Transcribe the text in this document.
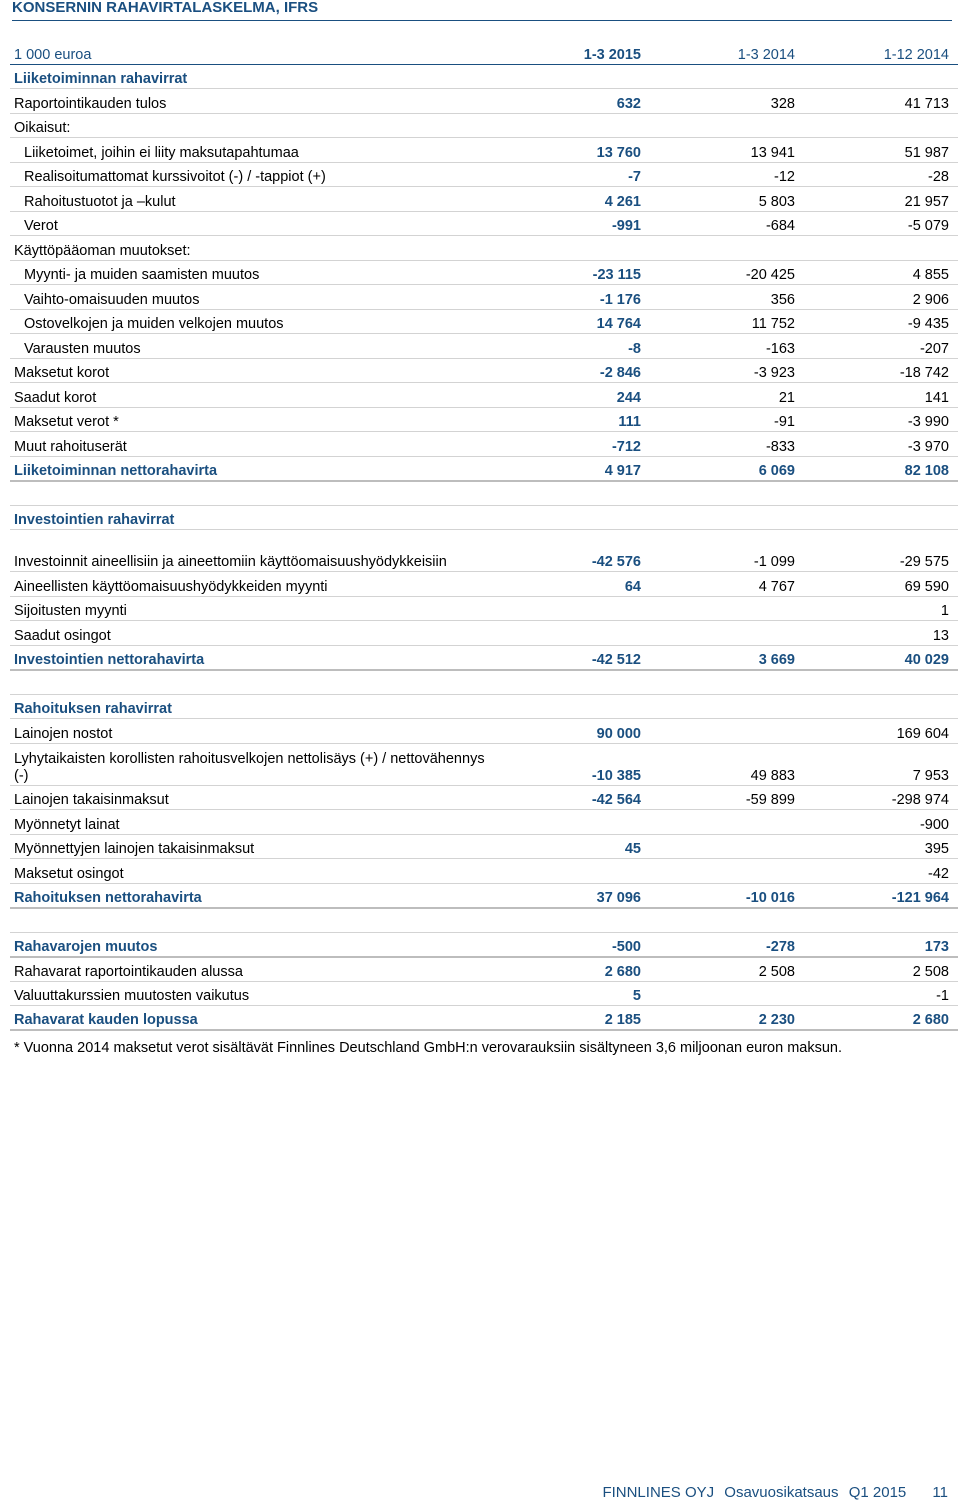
KONSERNIN RAHAVIRTALASKELMA, IFRS
1 000 euroa	1-3 2015	1-3 2014	1-12 2014
Liiketoiminnan rahavirrat			
Raportointikauden tulos	632	328	41 713
Oikaisut:			
Liiketoimet, joihin ei liity maksutapahtumaa	13 760	13 941	51 987
Realisoitumattomat kurssivoitot (-) / -tappiot (+)	-7	-12	-28
Rahoitustuotot ja –kulut	4 261	5 803	21 957
Verot	-991	-684	-5 079
Käyttöpääoman muutokset:			
Myynti- ja muiden saamisten muutos	-23 115	-20 425	4 855
Vaihto-omaisuuden muutos	-1 176	356	2 906
Ostovelkojen ja muiden velkojen muutos	14 764	11 752	-9 435
Varausten muutos	-8	-163	-207
Maksetut korot	-2 846	-3 923	-18 742
Saadut korot	244	21	141
Maksetut verot *	111	-91	-3 990
Muut rahoituserät	-712	-833	-3 970
Liiketoiminnan nettorahavirta	4 917	6 069	82 108

Investointien rahavirrat			
Investoinnit aineellisiin ja aineettomiin käyttöomaisuushyödykkeisiin	-42 576	-1 099	-29 575
Aineellisten käyttöomaisuushyödykkeiden myynti	64	4 767	69 590
Sijoitusten myynti			1
Saadut osingot			13
Investointien nettorahavirta	-42 512	3 669	40 029

Rahoituksen rahavirrat			
Lainojen nostot	90 000		169 604
Lyhytaikaisten korollisten rahoitusvelkojen nettolisäys (+) / nettovähennys (-)	-10 385	49 883	7 953
Lainojen takaisinmaksut	-42 564	-59 899	-298 974
Myönnetyt lainat			-900
Myönnettyjen lainojen takaisinmaksut	45		395
Maksetut osingot			-42
Rahoituksen nettorahavirta	37 096	-10 016	-121 964

Rahavarojen muutos	-500	-278	173
Rahavarat raportointikauden alussa	2 680	2 508	2 508
Valuuttakurssien muutosten vaikutus	5		-1
Rahavarat kauden lopussa	2 185	2 230	2 680
* Vuonna 2014 maksetut verot sisältävät Finnlines Deutschland GmbH:n verovarauksiin sisältyneen 3,6 miljoonan euron maksun.
FINNLINES OYJ Osavuosikatsaus Q1 2015 11
